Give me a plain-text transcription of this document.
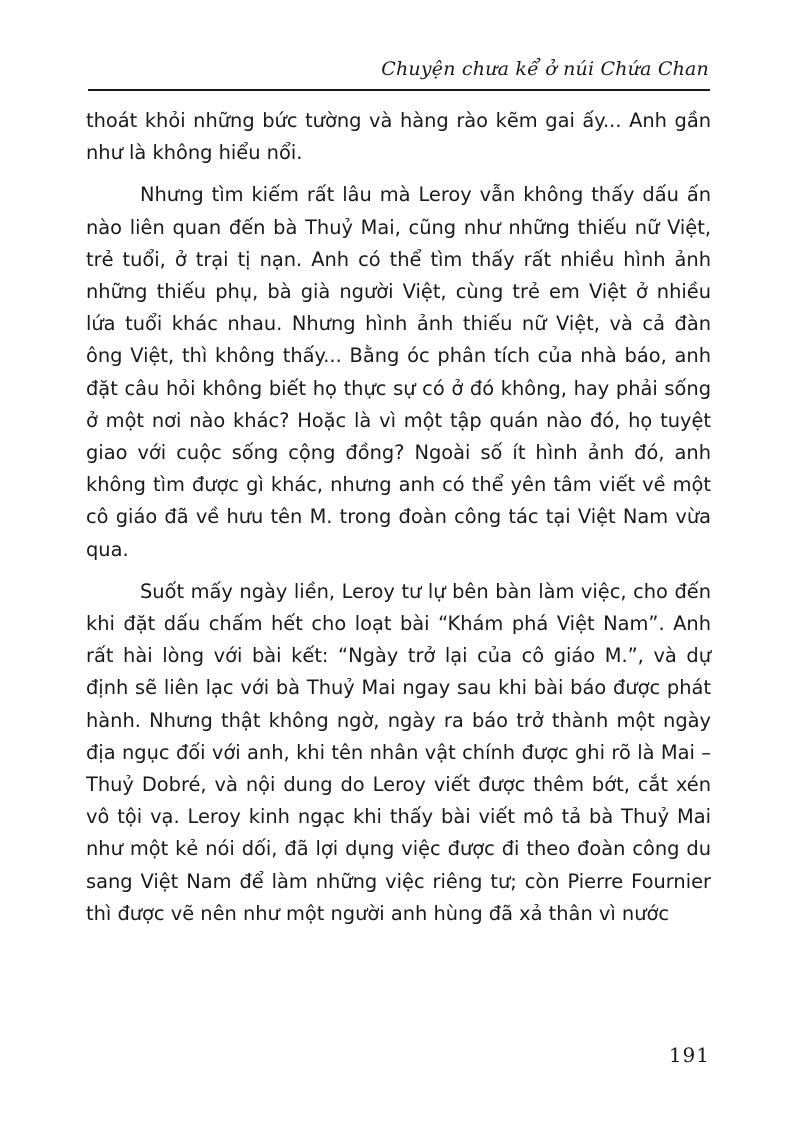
Chuyện chưa kể ở núi Chứa Chan

thoát khỏi những bức tường và hàng rào kẽm gai ấy... Anh gần như là không hiểu nổi.

Nhưng tìm kiếm rất lâu mà Leroy vẫn không thấy dấu ấn nào liên quan đến bà Thuỷ Mai, cũng như những thiếu nữ Việt, trẻ tuổi, ở trại tị nạn. Anh có thể tìm thấy rất nhiều hình ảnh những thiếu phụ, bà già người Việt, cùng trẻ em Việt ở nhiều lứa tuổi khác nhau. Nhưng hình ảnh thiếu nữ Việt, và cả đàn ông Việt, thì không thấy... Bằng óc phân tích của nhà báo, anh đặt câu hỏi không biết họ thực sự có ở đó không, hay phải sống ở một nơi nào khác? Hoặc là vì một tập quán nào đó, họ tuyệt giao với cuộc sống cộng đồng? Ngoài số ít hình ảnh đó, anh không tìm được gì khác, nhưng anh có thể yên tâm viết về một cô giáo đã về hưu tên M. trong đoàn công tác tại Việt Nam vừa qua.

Suốt mấy ngày liền, Leroy tư lự bên bàn làm việc, cho đến khi đặt dấu chấm hết cho loạt bài “Khám phá Việt Nam”. Anh rất hài lòng với bài kết: “Ngày trở lại của cô giáo M.”, và dự định sẽ liên lạc với bà Thuỷ Mai ngay sau khi bài báo được phát hành. Nhưng thật không ngờ, ngày ra báo trở thành một ngày địa ngục đối với anh, khi tên nhân vật chính được ghi rõ là Mai – Thuỷ Dobré, và nội dung do Leroy viết được thêm bớt, cắt xén vô tội vạ. Leroy kinh ngạc khi thấy bài viết mô tả bà Thuỷ Mai như một kẻ nói dối, đã lợi dụng việc được đi theo đoàn công du sang Việt Nam để làm những việc riêng tư; còn Pierre Fournier thì được vẽ nên như một người anh hùng đã xả thân vì nước

191
